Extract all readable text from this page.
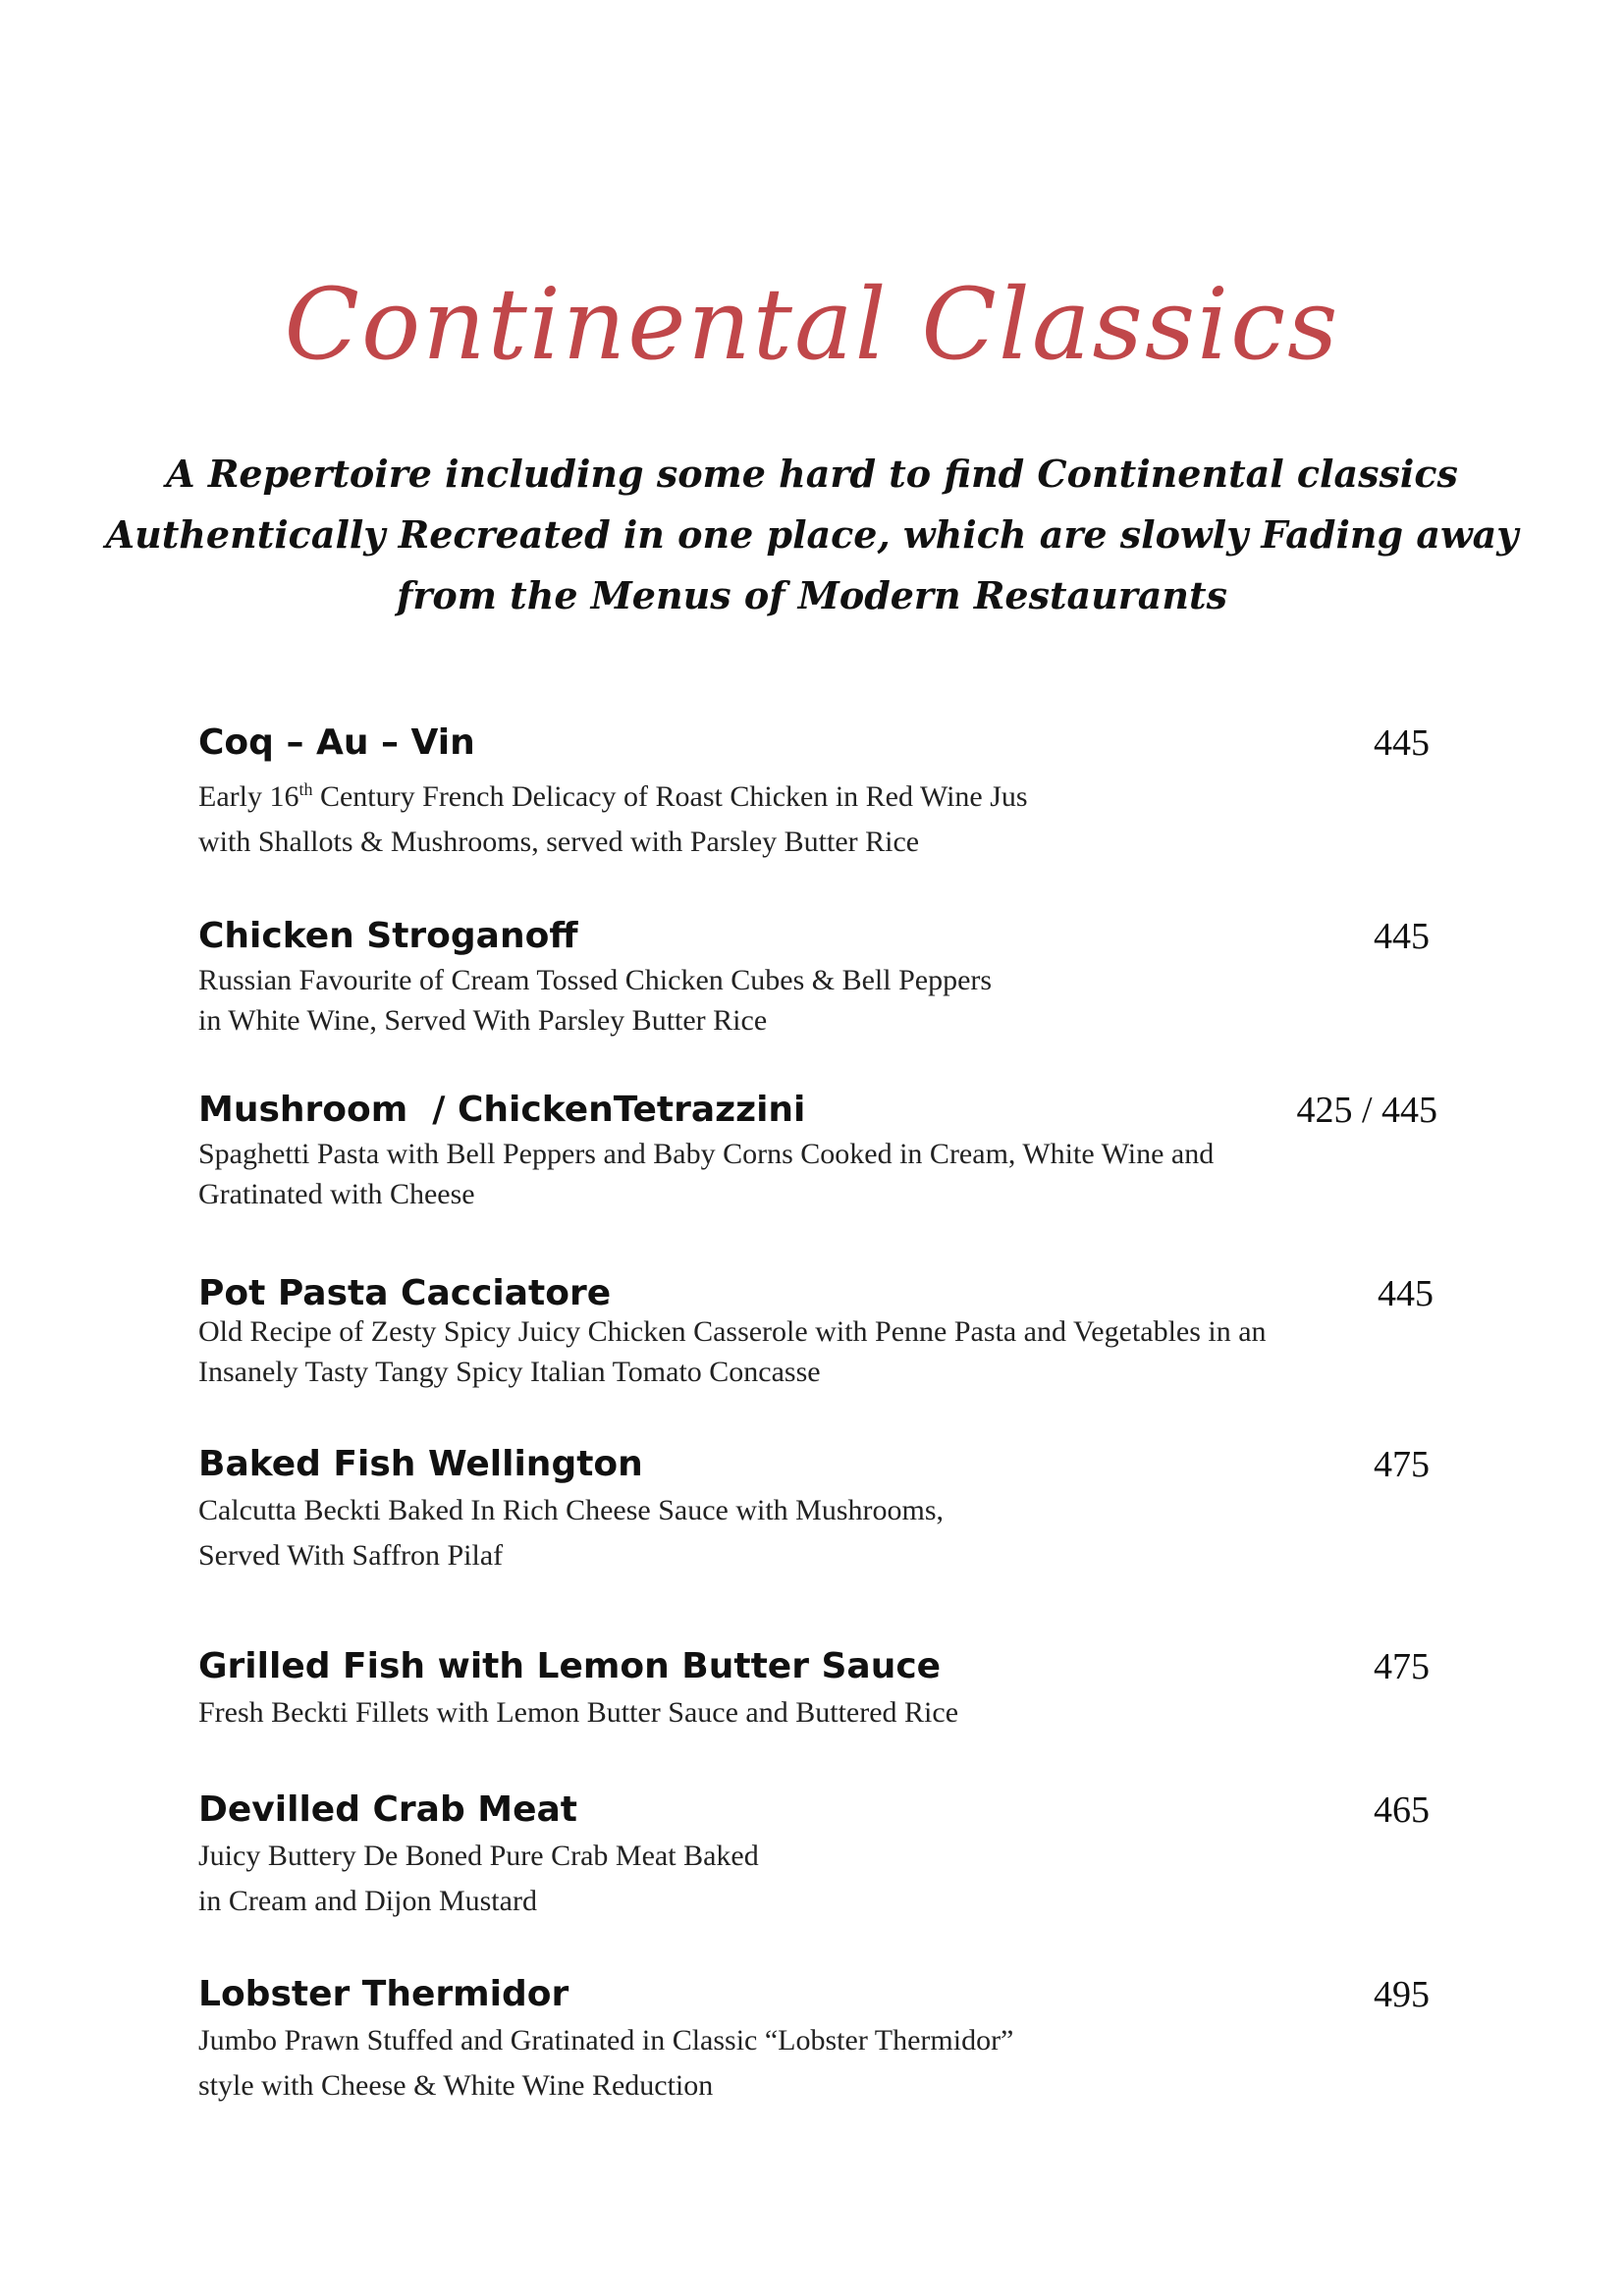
Continental Classics
A Repertoire including some hard to find Continental classics
Authentically Recreated in one place, which are slowly Fading away
from the Menus of Modern Restaurants
Coq – Au – Vin	445
Early 16th Century French Delicacy of Roast Chicken in Red Wine Jus
with Shallots & Mushrooms, served with Parsley Butter Rice
Chicken Stroganoff	445
Russian Favourite of Cream Tossed Chicken Cubes & Bell Peppers
in White Wine, Served With Parsley Butter Rice
Mushroom  / ChickenTetrazzini	425 / 445
Spaghetti Pasta with Bell Peppers and Baby Corns Cooked in Cream, White Wine and
Gratinated with Cheese
Pot Pasta Cacciatore	445
Old Recipe of Zesty Spicy Juicy Chicken Casserole with Penne Pasta and Vegetables in an
Insanely Tasty Tangy Spicy Italian Tomato Concasse
Baked Fish Wellington	475
Calcutta Beckti Baked In Rich Cheese Sauce with Mushrooms,
Served With Saffron Pilaf
Grilled Fish with Lemon Butter Sauce	475
Fresh Beckti Fillets with Lemon Butter Sauce and Buttered Rice
Devilled Crab Meat	465
Juicy Buttery De Boned Pure Crab Meat Baked
in Cream and Dijon Mustard
Lobster Thermidor	495
Jumbo Prawn Stuffed and Gratinated in Classic “Lobster Thermidor”
style with Cheese & White Wine Reduction
